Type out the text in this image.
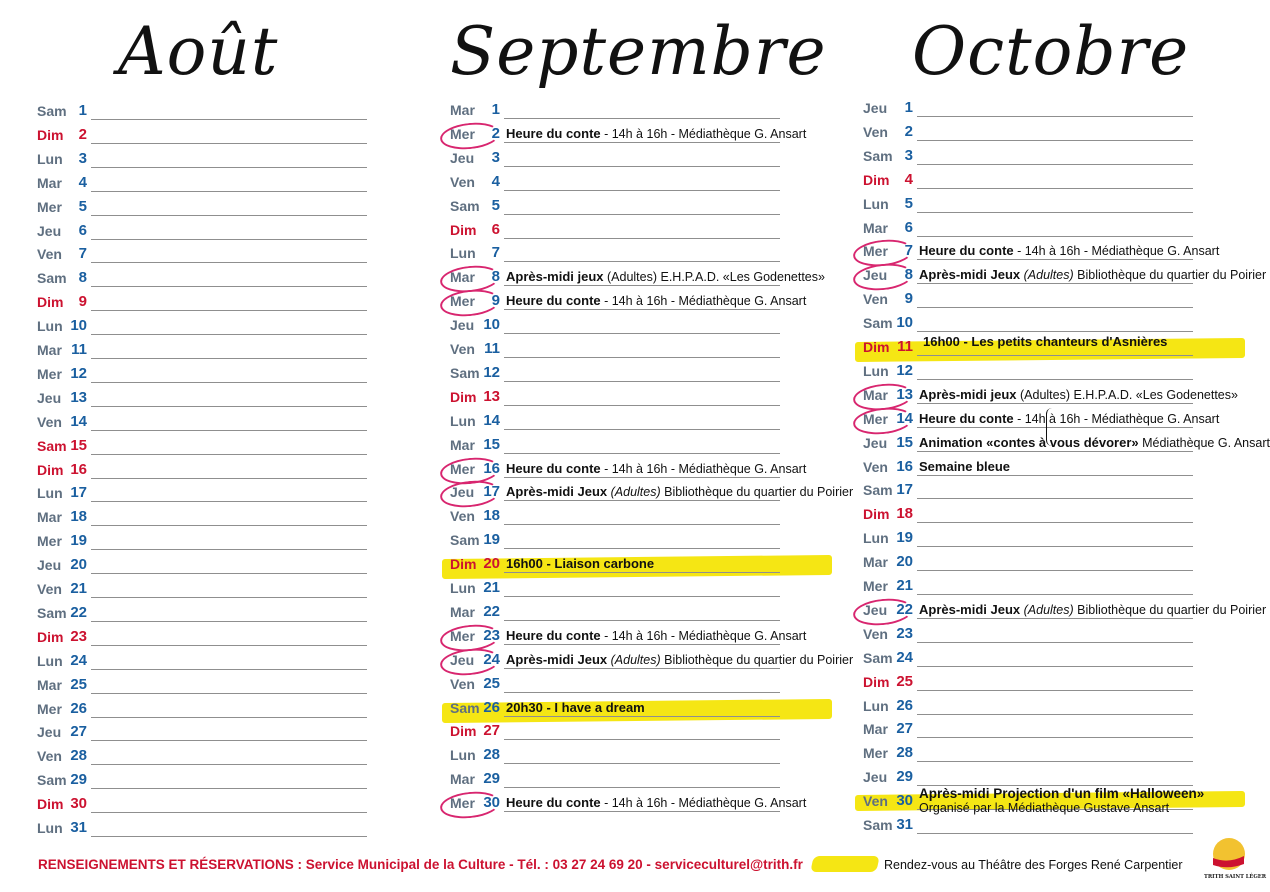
Août	Septembre Octobre
Sam 1
Dim	2
Lun	3
Mar	4
Mer	5
Jeu	6
Ven	7
Sam 8
Dim	9
Lun 10
Mar 11
Mer 12
Jeu 13
Ven 14
Sam 15
Dim 16
Lun 17
Mar 18
Mer 19
Jeu 20
Ven 21
Sam 22
Dim 23
Lun 24
Mar 25
Mer 26
Jeu 27
Ven 28
Sam 29
Dim 30
Lun 31
Mar	1
Mer	2 Heure du conte - 14h à 16h - Médiathèque G. Ansart
Jeu	3
Ven	4
Sam 5
Dim	6
Lun	7
Mar	8 Après-midi jeux (Adultes) E.H.P.A.D. «Les Godenettes»
Mer	9 Heure du conte - 14h à 16h - Médiathèque G. Ansart
Jeu 10
Ven 11
Sam 12
Dim 13
Lun 14
Mar 15
Mer 16 Heure du conte - 14h à 16h - Médiathèque G. Ansart
Jeu 17 Après-midi Jeux (Adultes) Bibliothèque du quartier du Poirier
Ven 18
Sam 19
Dim 20 16h00 - Liaison carbone
Lun 21
Mar 22
Mer 23 Heure du conte - 14h à 16h - Médiathèque G. Ansart
Jeu 24 Après-midi Jeux (Adultes) Bibliothèque du quartier du Poirier
Ven 25
Sam 26 20h30 - I have a dream
Dim 27
Lun 28
Mar 29
Mer 30 Heure du conte - 14h à 16h - Médiathèque G. Ansart
Jeu	1
Ven	2
Sam 3
Dim	4
Lun	5
Mar	6
Mer	7 Heure du conte - 14h à 16h - Médiathèque G. Ansart
Jeu	8 Après-midi Jeux (Adultes) Bibliothèque du quartier du Poirier
Ven	9
Sam 10
Dim 11 16h00 - Les petits chanteurs d'Asnières
Lun 12
Mar 13 Après-midi jeux (Adultes) E.H.P.A.D. «Les Godenettes»
Mer 14 Heure du conte - 14h à 16h - Médiathèque G. Ansart
Jeu 15 Animation «contes à vous dévorer» Médiathèque G. Ansart
Ven 16 Semaine bleue
Sam 17
Dim 18
Lun 19
Mar 20
Mer 21
Jeu 22 Après-midi Jeux (Adultes) Bibliothèque du quartier du Poirier
Ven 23
Sam 24
Dim 25
Lun 26
Mar 27
Mer 28
Jeu 29
Ven 30 Après-midi Projection d'un film «Halloween»
Organisé par la Médiathèque Gustave Ansart
Sam 31
RENSEIGNEMENTS ET RÉSERVATIONS : Service Municipal de la Culture - Tél. : 03 27 24 69 20 - serviceculturel@trith.fr	Rendez-vous au Théâtre des Forges René Carpentier
TRITH SAINT LÉGER
